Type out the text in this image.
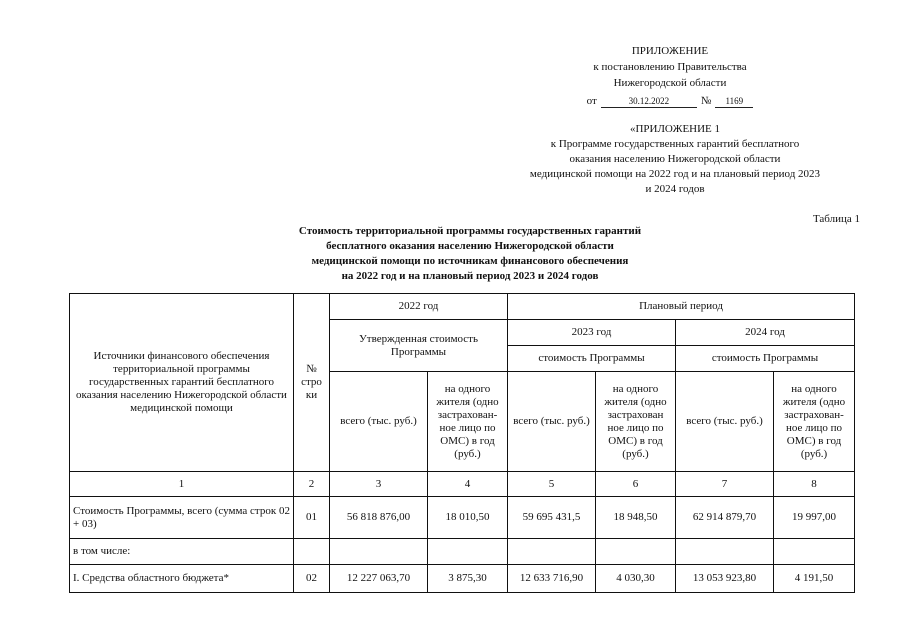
ПРИЛОЖЕНИЕ
к постановлению Правительства
Нижегородской области
от	30.12.2022	№	1169
«ПРИЛОЖЕНИЕ 1
к Программе государственных гарантий бесплатного
оказания населению Нижегородской области
медицинской помощи на 2022 год и на плановый период 2023
и 2024 годов
Таблица 1
Стоимость территориальной программы государственных гарантий
бесплатного оказания населению Нижегородской области
медицинской помощи по источникам финансового обеспечения
на 2022 год и на плановый период 2023 и 2024 годов
Источники финансового обеспечения территориальной программы государственных гарантий бесплатного оказания населению Нижегородской области медицинской помощи	№ стро ки	2022 год		Плановый период			
		Утвержденная стоимость Программы		2023 год		2024 год	
				стоимость Программы		стоимость Программы	
		всего (тыс. руб.)	на одного жителя (одно застрахован-ное лицо по ОМС) в год (руб.)	всего (тыс. руб.)	на одного жителя (одно застрахован ное лицо по ОМС) в год (руб.)	всего (тыс. руб.)	на одного жителя (одно застрахован-ное лицо по ОМС) в год (руб.)
1	2	3	4	5	6	7	8
Стоимость Программы, всего (сумма строк 02 + 03)	01	56 818 876,00	18 010,50	59 695 431,5	18 948,50	62 914 879,70	19 997,00
в том числе:							
I. Средства областного бюджета*	02	12 227 063,70	3 875,30	12 633 716,90	4 030,30	13 053 923,80	4 191,50
